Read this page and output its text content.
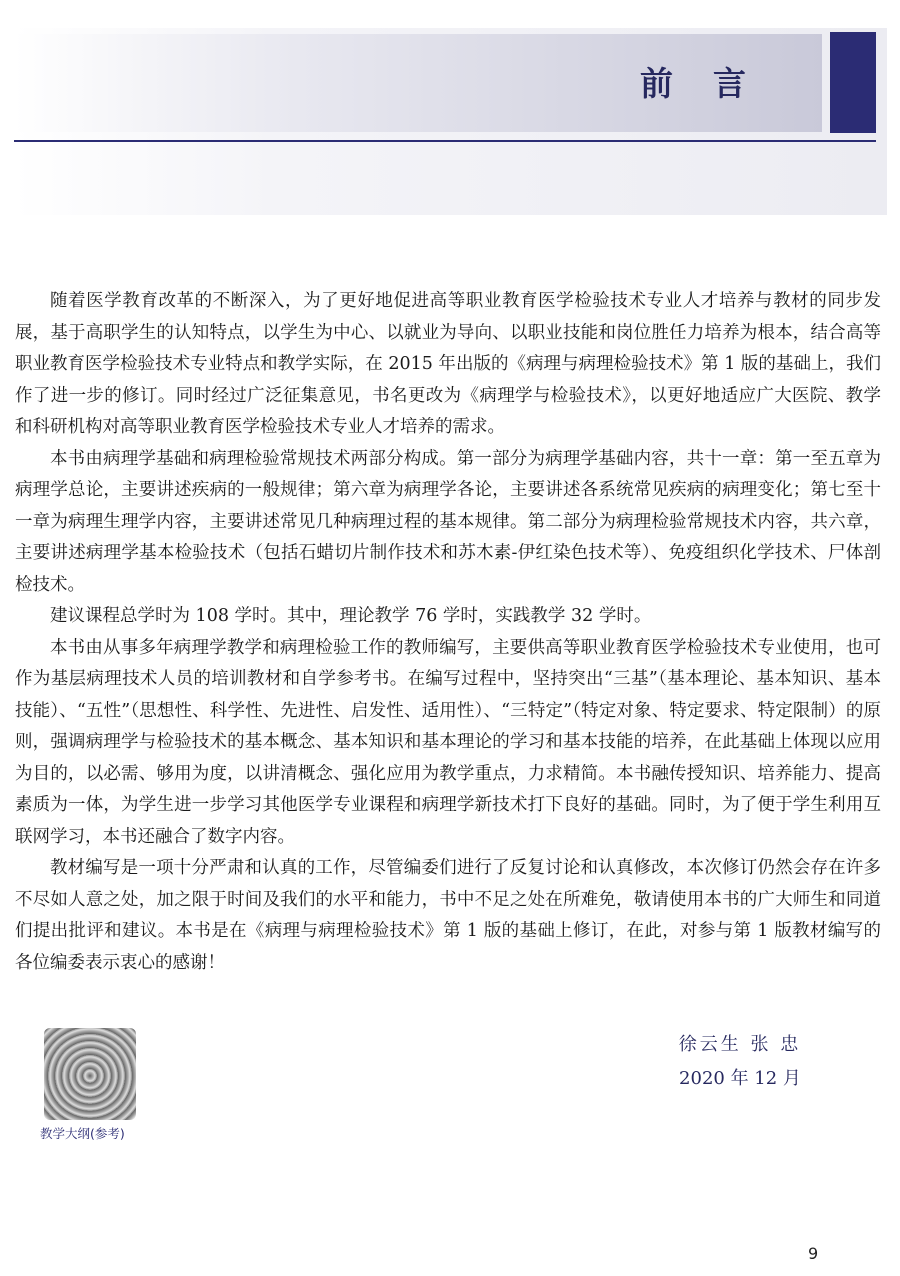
前言

随着医学教育改革的不断深入，为了更好地促进高等职业教育医学检验技术专业人才培养与教材的同步发展，基于高职学生的认知特点，以学生为中心、以就业为导向、以职业技能和岗位胜任力培养为根本，结合高等职业教育医学检验技术专业特点和教学实际，在 2015 年出版的《病理与病理检验技术》第 1 版的基础上，我们作了进一步的修订。同时经过广泛征集意见，书名更改为《病理学与检验技术》，以更好地适应广大医院、教学和科研机构对高等职业教育医学检验技术专业人才培养的需求。

本书由病理学基础和病理检验常规技术两部分构成。第一部分为病理学基础内容，共十一章：第一至五章为病理学总论，主要讲述疾病的一般规律；第六章为病理学各论，主要讲述各系统常见疾病的病理变化；第七至十一章为病理生理学内容，主要讲述常见几种病理过程的基本规律。第二部分为病理检验常规技术内容，共六章，主要讲述病理学基本检验技术（包括石蜡切片制作技术和苏木素-伊红染色技术等）、免疫组织化学技术、尸体剖检技术。

建议课程总学时为 108 学时。其中，理论教学 76 学时，实践教学 32 学时。

本书由从事多年病理学教学和病理检验工作的教师编写，主要供高等职业教育医学检验技术专业使用，也可作为基层病理技术人员的培训教材和自学参考书。在编写过程中，坚持突出“三基”（基本理论、基本知识、基本技能）、“五性”（思想性、科学性、先进性、启发性、适用性）、“三特定”（特定对象、特定要求、特定限制）的原则，强调病理学与检验技术的基本概念、基本知识和基本理论的学习和基本技能的培养，在此基础上体现以应用为目的，以必需、够用为度，以讲清概念、强化应用为教学重点，力求精简。本书融传授知识、培养能力、提高素质为一体，为学生进一步学习其他医学专业课程和病理学新技术打下良好的基础。同时，为了便于学生利用互联网学习，本书还融合了数字内容。

教材编写是一项十分严肃和认真的工作，尽管编委们进行了反复讨论和认真修改，本次修订仍然会存在许多不尽如人意之处，加之限于时间及我们的水平和能力，书中不足之处在所难免，敬请使用本书的广大师生和同道们提出批评和建议。本书是在《病理与病理检验技术》第 1 版的基础上修订，在此，对参与第 1 版教材编写的各位编委表示衷心的感谢！

教学大纲(参考)
徐云生 张 忠
2020 年 12 月
9
